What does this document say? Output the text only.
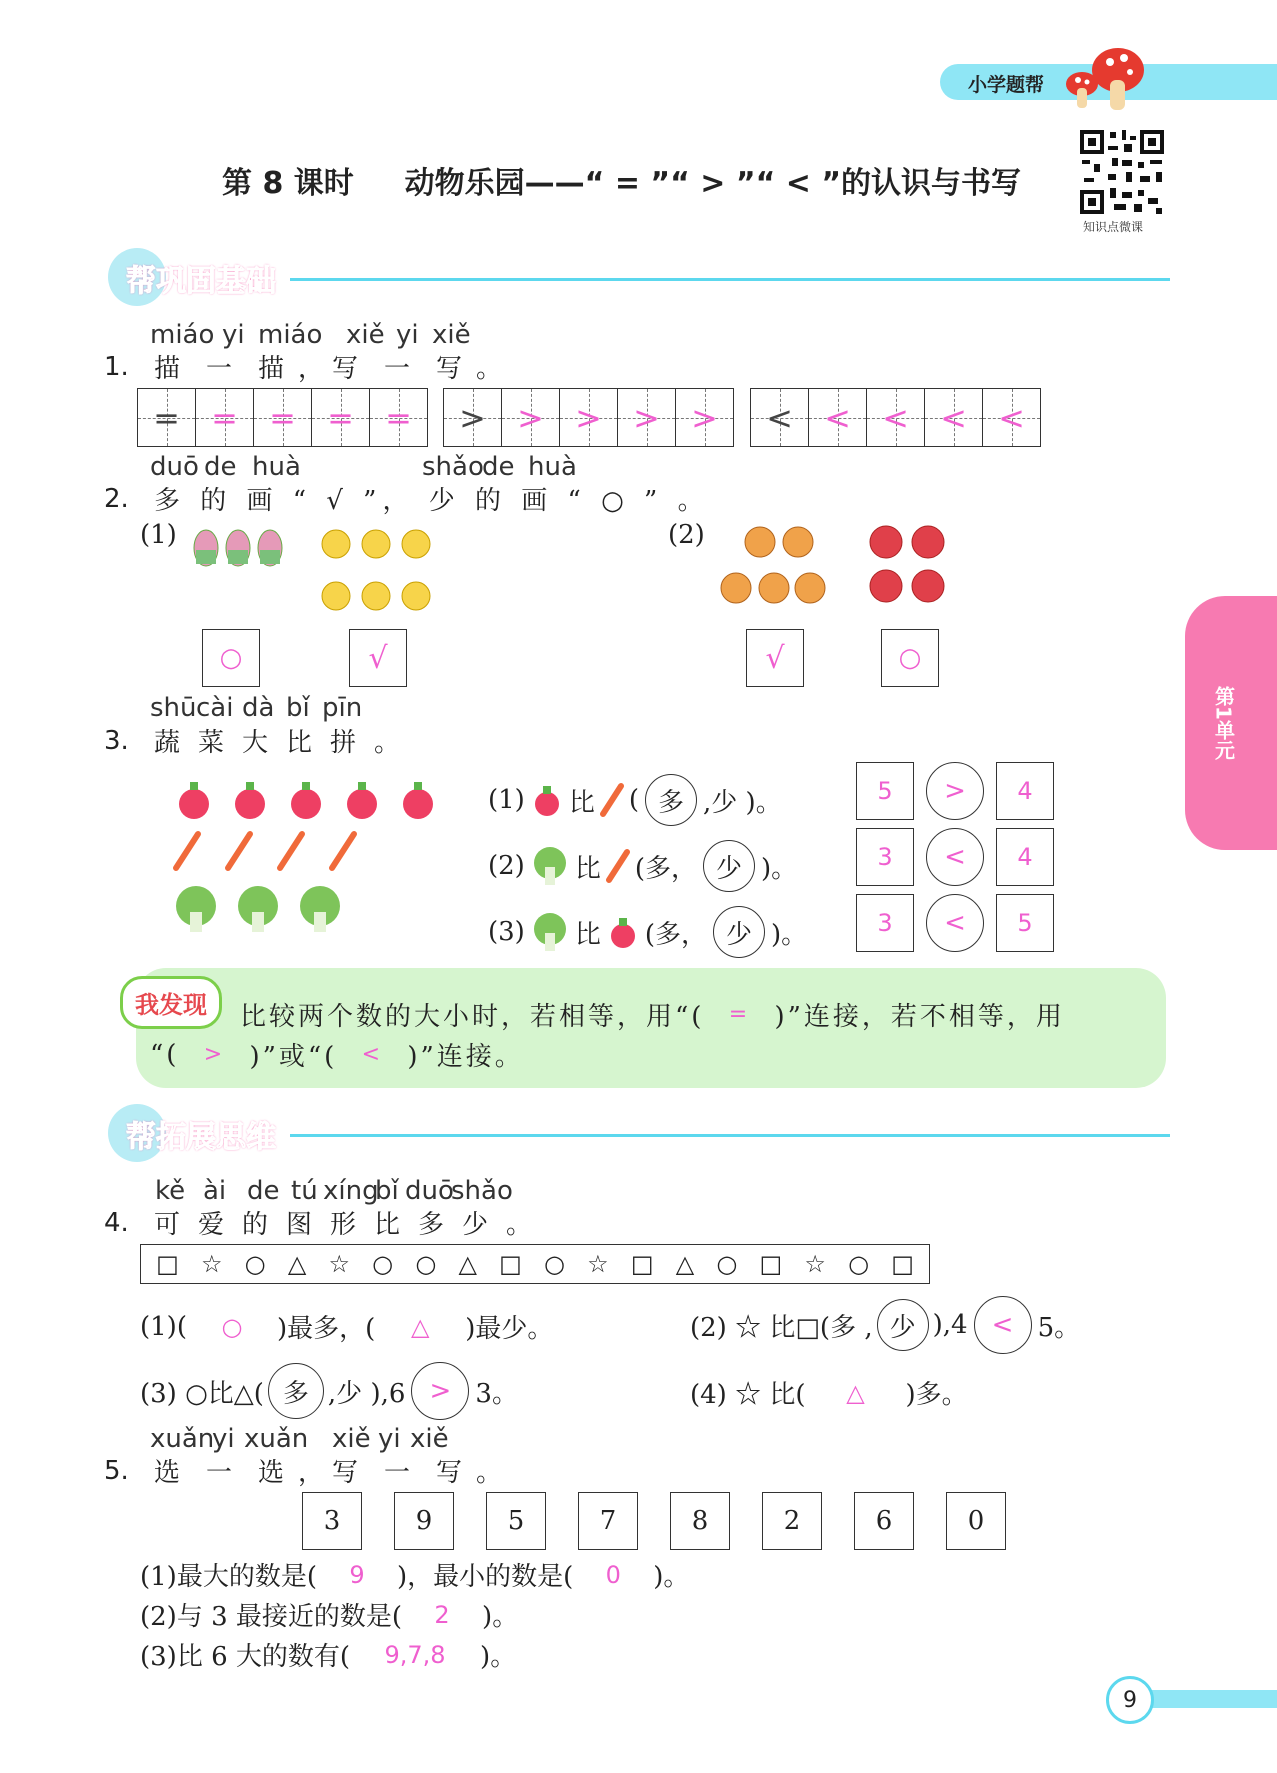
小学题帮
第 8 课时 动物乐园——“ = ”“ > ”“ < ”的认识与书写
知识点微课
第1单元
帮巩固基础
miáo yi miáo xiě yi xiě
1. 描 一 描 ， 写 一 写 。
= = = = = > > > > > < < < < <
duō de huà	shǎo
de huà
2. 多 的 画 “ √ ”， 少 的 画 “ ○ ” 。
(1)	(2)
○	√	√	○
shū cài dà bǐ pīn
3. 蔬 菜 大 比 拼 。
(1) 比 ( 多 ,少 )。
(2) 比 (多， 少 )。
(3) 比 (多， 少 )。
5 > 4
3 < 4
3 < 5
我发现	比较两个数的大小时，若相等，用“(	= )”连接，若不相等，用
“(	> )”或“(	< )”连接。
帮拓展思维
kě ài de tú xíng
bǐ duō
shǎo
4. 可 爱 的 图 形 比 多 少 。
□ ☆ ○ △ ☆ ○ ○ △ □ ○ ☆ □ △ ○ □ ☆ ○ □
(1)(	○	)最多，(	△	)最少。	(2) ☆ 比□(多 , 少 ),4 < 5。
(3) ○比△( 多 ,少 ),6 > 3。	(4) ☆ 比(	△	)多。
xuǎn
yi xuǎn xiě yi xiě
5. 选 一 选 ， 写 一 写 。
3	9	5	7	8	2	6	0
(1)最大的数是(	9	)，最小的数是(	0	)。
(2)与 3 最接近的数是(	2	)。
(3)比 6 大的数有(	9,7,8	)。
9
